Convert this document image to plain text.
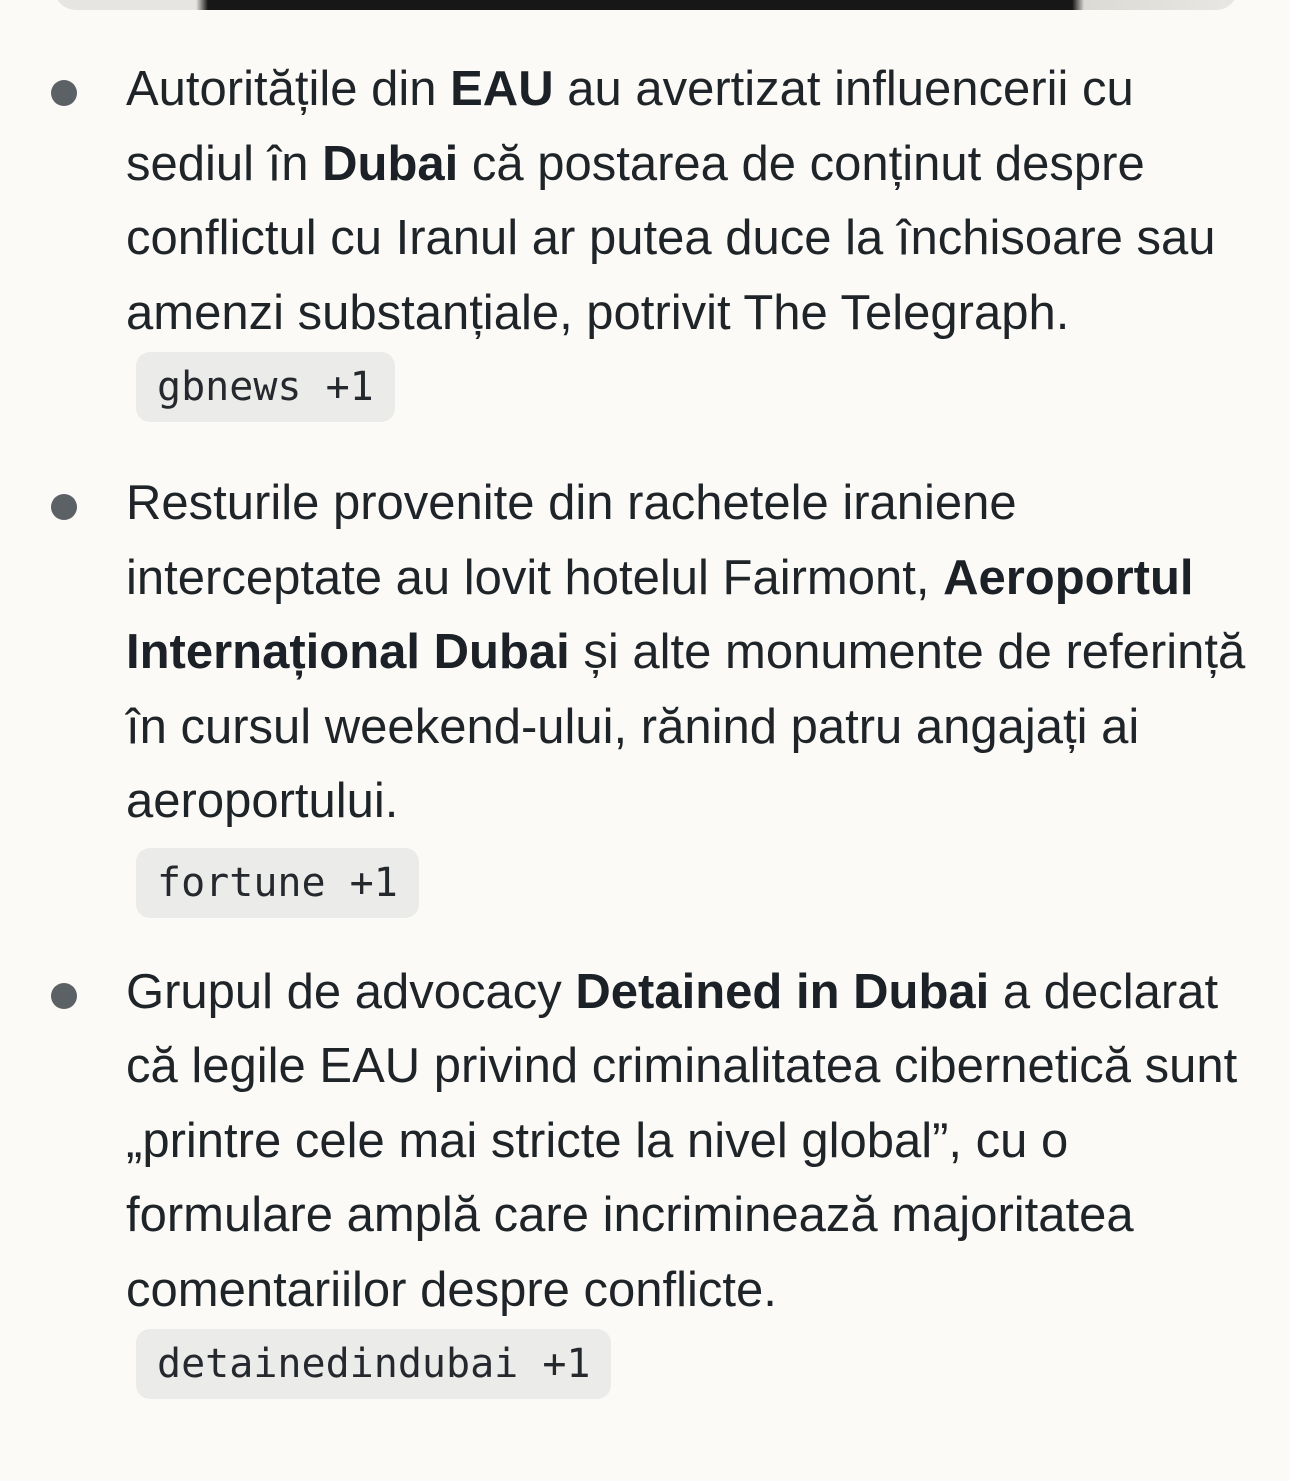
Autoritățile din EAU au avertizat influencerii cu sediul în Dubai că postarea de conținut despre conflictul cu Iranul ar putea duce la închisoare sau amenzi substanțiale, potrivit The Telegraph.gbnews +1
Resturile provenite din rachetele iraniene interceptate au lovit hotelul Fairmont, Aeroportul Internațional Dubai și alte monumente de referință în cursul weekend-ului, rănind patru angajați ai aeroportului.
fortune +1
Grupul de advocacy Detained in Dubai a declarat că legile EAU privind criminalitatea cibernetică sunt „printre cele mai stricte la nivel global”, cu o formulare amplă care incriminează majoritatea comentariilor despre conflicte.detainedindubai +1
